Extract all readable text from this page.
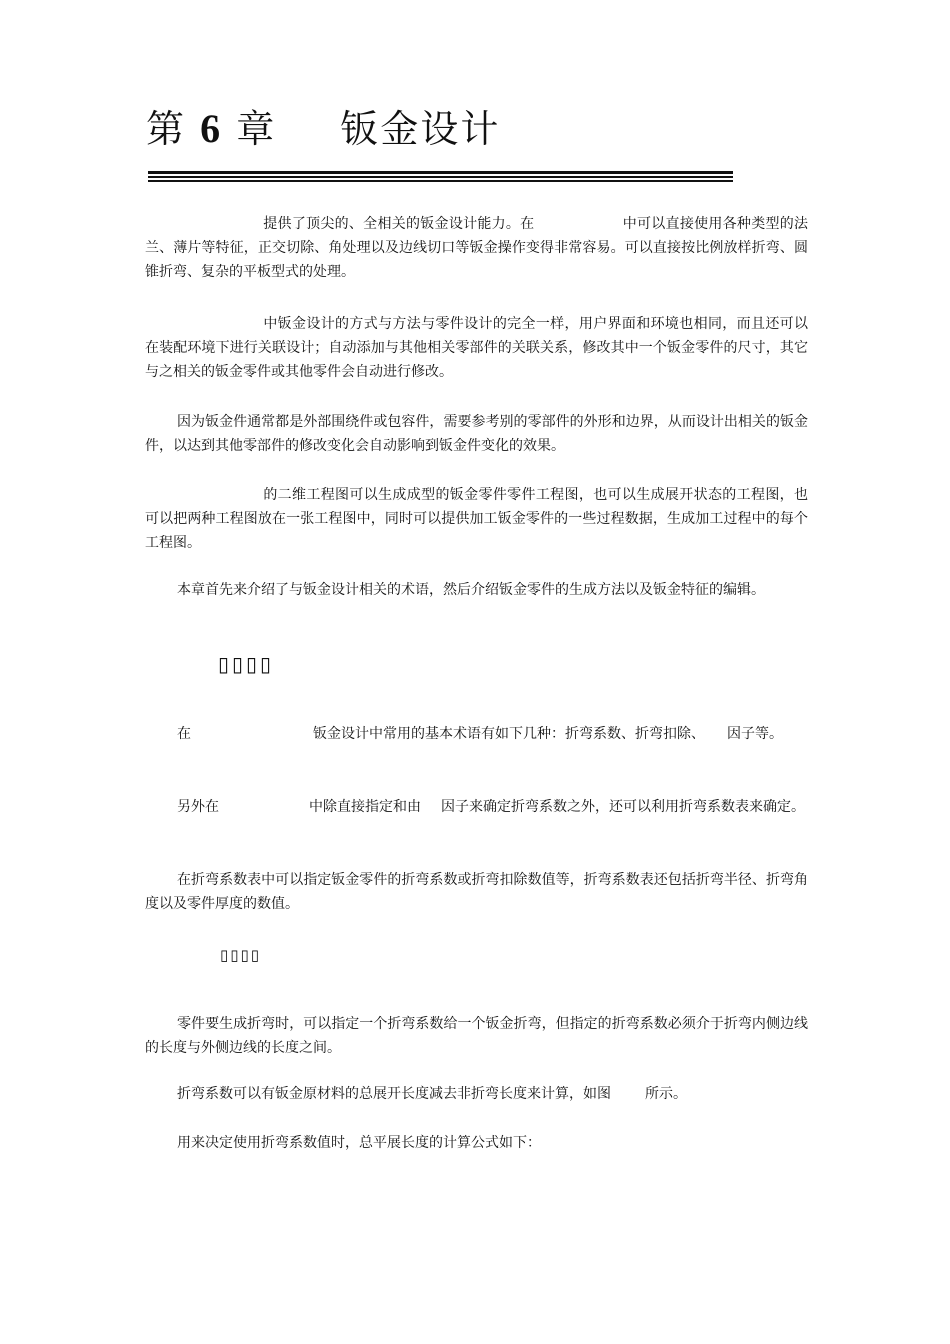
第 6 章 钣金设计

提供了顶尖的、全相关的钣金设计能力。在	中可以直接使用各种类型的法兰、薄片等特征，正交切除、角处理以及边线切口等钣金操作变得非常容易。可以直接按比例放样折弯、圆锥折弯、复杂的平板型式的处理。

中钣金设计的方式与方法与零件设计的完全一样，用户界面和环境也相同，而且还可以在装配环境下进行关联设计；自动添加与其他相关零部件的关联关系，修改其中一个钣金零件的尺寸，其它与之相关的钣金零件或其他零件会自动进行修改。

因为钣金件通常都是外部围绕件或包容件，需要参考别的零部件的外形和边界，从而设计出相关的钣金件，以达到其他零部件的修改变化会自动影响到钣金件变化的效果。

的二维工程图可以生成成型的钣金零件零件工程图，也可以生成展开状态的工程图，也可以把两种工程图放在一张工程图中，同时可以提供加工钣金零件的一些过程数据，生成加工过程中的每个工程图。

本章首先来介绍了与钣金设计相关的术语，然后介绍钣金零件的生成方法以及钣金特征的编辑。

▯▯▯▯

在	钣金设计中常用的基本术语有如下几种：折弯系数、折弯扣除、 因子等。

另外在	中除直接指定和由 因子来确定折弯系数之外，还可以利用折弯系数表来确定。

在折弯系数表中可以指定钣金零件的折弯系数或折弯扣除数值等，折弯系数表还包括折弯半径、折弯角度以及零件厚度的数值。

▯▯▯▯

零件要生成折弯时，可以指定一个折弯系数给一个钣金折弯，但指定的折弯系数必须介于折弯内侧边线的长度与外侧边线的长度之间。

折弯系数可以有钣金原材料的总展开长度减去非折弯长度来计算，如图 所示。

用来决定使用折弯系数值时，总平展长度的计算公式如下：
